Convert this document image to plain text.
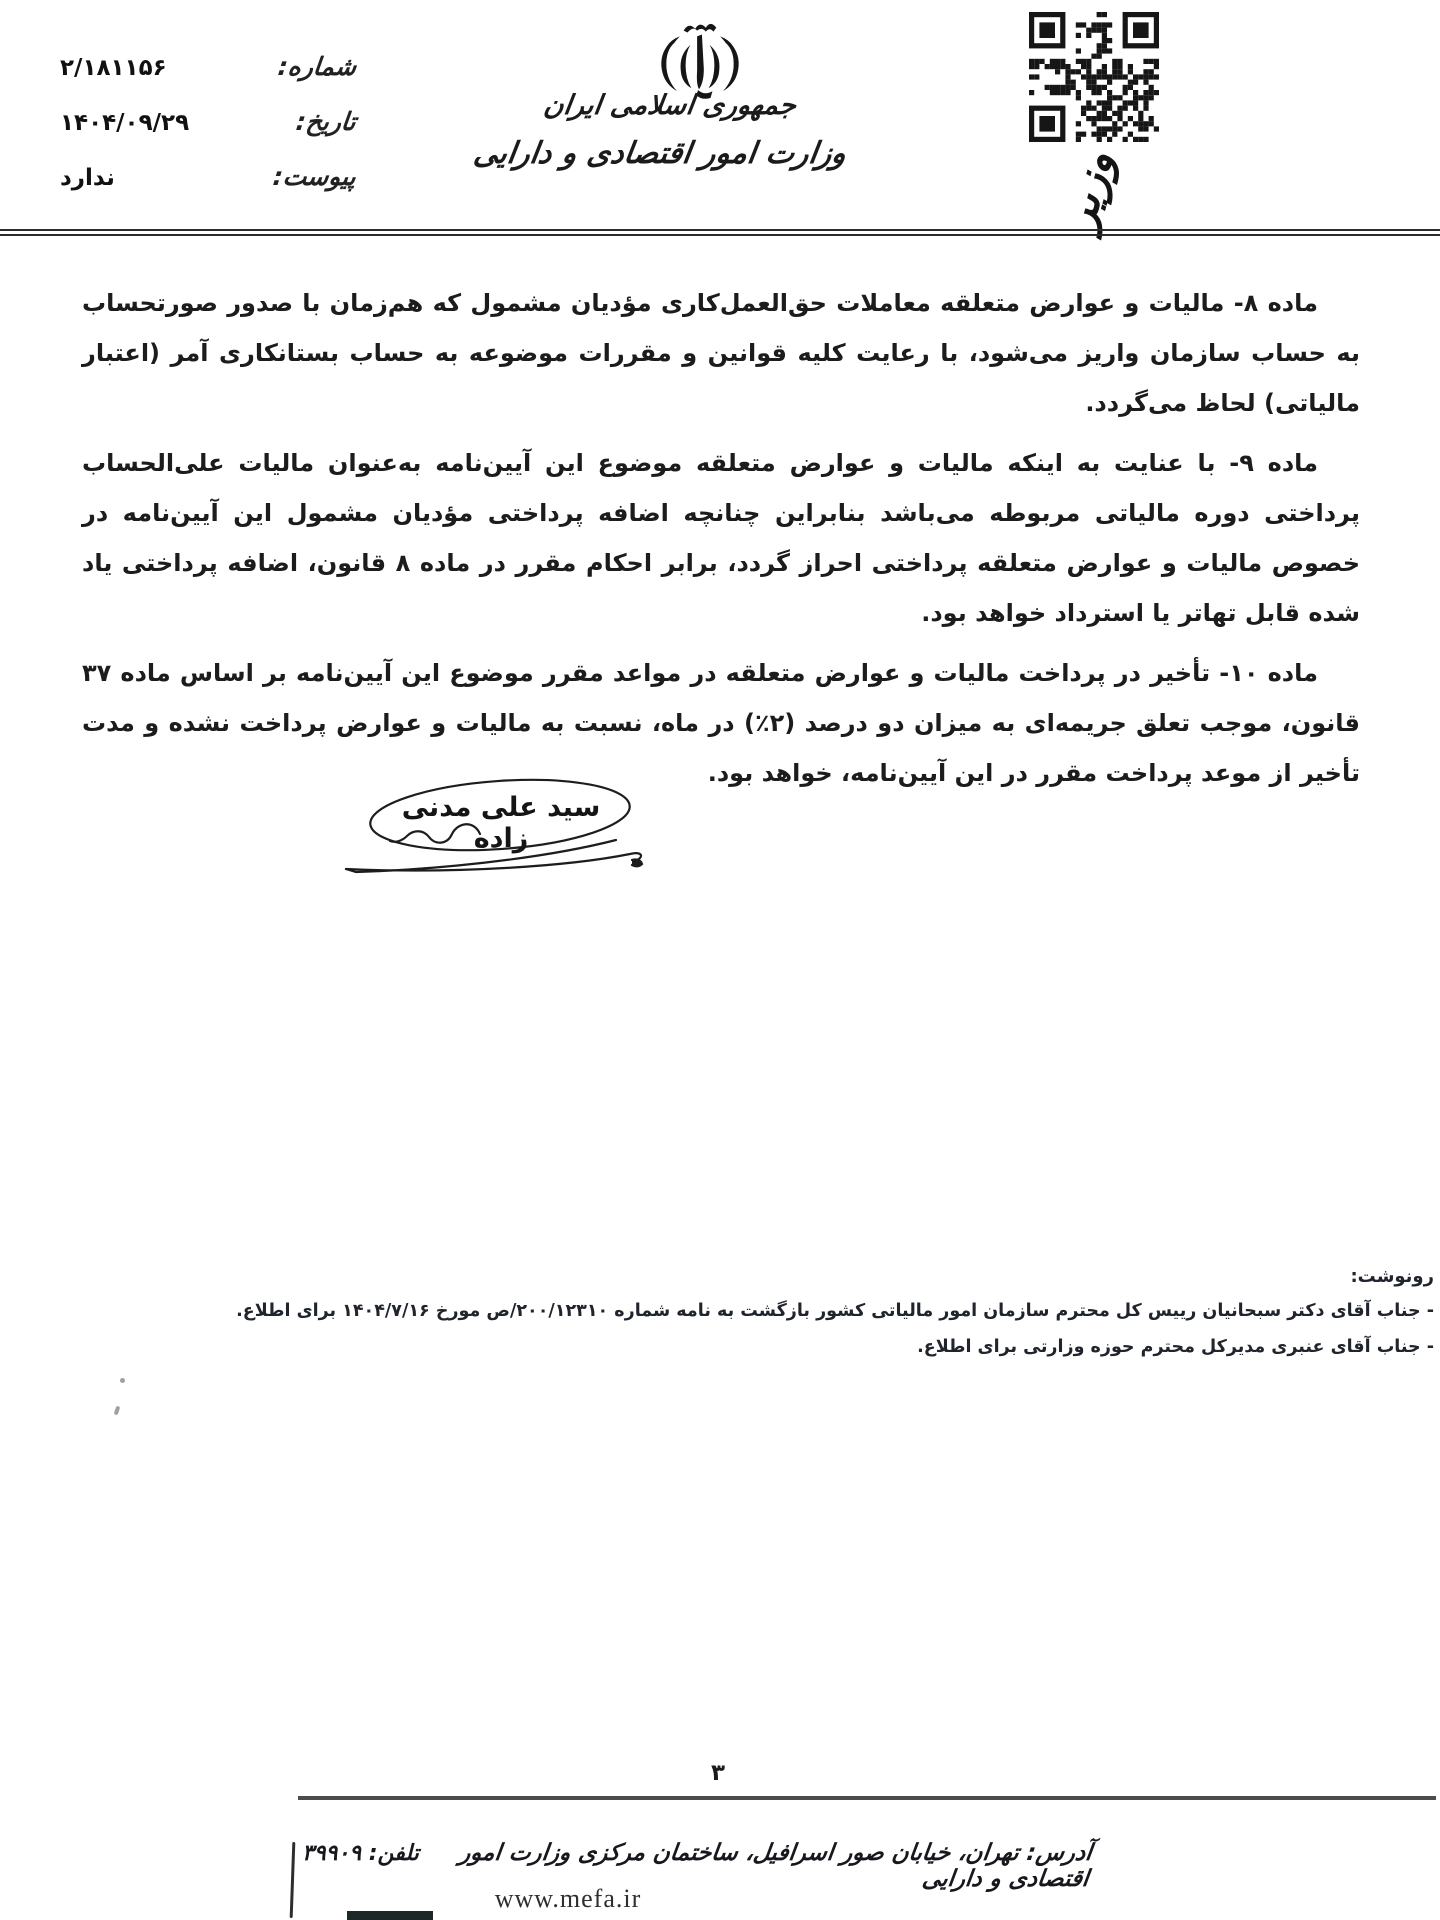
شماره:
۲/۱۸۱۱۵۶
تاریخ:
۱۴۰۴/۰۹/۲۹
پیوست:
ندارد
جمهوری اسلامی ایران
وزارت امور اقتصادی و دارایی	وزیر

ماده ۸- مالیات و عوارض متعلقه معاملات حق‌العمل‌کاری مؤدیان مشمول که هم‌زمان با صدور صورتحساب به حساب سازمان واریز می‌شود، با رعایت کلیه قوانین و مقررات موضوعه به حساب بستانکاری آمر (اعتبار مالیاتی) لحاظ می‌گردد.

ماده ۹- با عنایت به اینکه مالیات و عوارض متعلقه موضوع این آیین‌نامه به‌عنوان مالیات علی‌الحساب پرداختی دوره مالیاتی مربوطه می‌باشد بنابراین چنانچه اضافه پرداختی مؤدیان مشمول این آیین‌نامه در خصوص مالیات و عوارض متعلقه پرداختی احراز گردد، برابر احکام مقرر در ماده ۸ قانون، اضافه پرداختی یاد شده قابل تهاتر یا استرداد خواهد بود.

ماده ۱۰- تأخیر در پرداخت مالیات و عوارض متعلقه در مواعد مقرر موضوع این آیین‌نامه بر اساس ماده ۳۷ قانون، موجب تعلق جریمه‌ای به میزان دو درصد (۲٪) در ماه، نسبت به مالیات و عوارض پرداخت نشده و مدت تأخیر از موعد پرداخت مقرر در این آیین‌نامه، خواهد بود.

سید علی مدنی زاده
رونوشت:
- جناب آقای دکتر سبحانیان رییس کل محترم سازمان امور مالیاتی کشور بازگشت به نامه شماره ۲۰۰/۱۲۳۱۰/ص مورخ ۱۴۰۴/۷/۱۶ برای اطلاع.
- جناب آقای عنبری مدیرکل محترم حوزه وزارتی برای اطلاع.
۳
آدرس: تهران، خیابان صور اسرافیل، ساختمان مرکزی وزارت امور اقتصادی و دارایی
تلفن: ۳۹۹۰۹
www.mefa.ir
